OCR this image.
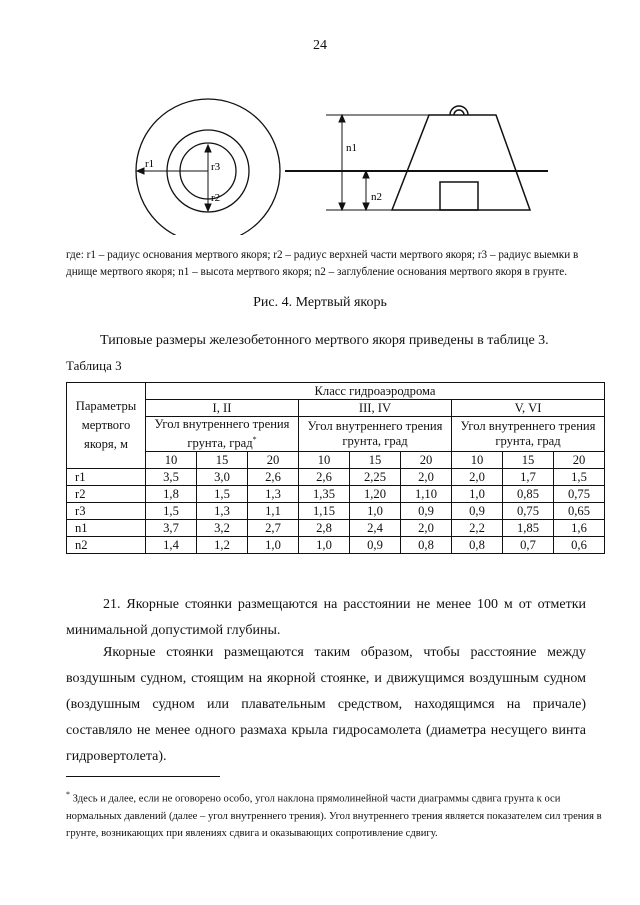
24
r1	r3
r2
n1
n2
где: r1 – радиус основания мертвого якоря; r2 – радиус верхней части мертвого якоря; r3 – радиус выемки в днище мертвого якоря; n1 – высота мертвого якоря; n2 – заглубление основания мертвого якоря в грунте.
Рис. 4. Мертвый якорь
Типовые размеры железобетонного мертвого якоря приведены в таблице 3.
Таблица 3
Параметры мертвого якоря, м	Класс гидроаэродрома								
	I, II			III, IV			V, VI		
	Угол внутреннего трения грунта, град*			Угол внутреннего трения грунта, град			Угол внутреннего трения грунта, град		
	10	15	20	10	15	20	10	15	20
r1	3,5	3,0	2,6	2,6	2,25	2,0	2,0	1,7	1,5
r2	1,8	1,5	1,3	1,35	1,20	1,10	1,0	0,85	0,75
r3	1,5	1,3	1,1	1,15	1,0	0,9	0,9	0,75	0,65
n1	3,7	3,2	2,7	2,8	2,4	2,0	2,2	1,85	1,6
n2	1,4	1,2	1,0	1,0	0,9	0,8	0,8	0,7	0,6
21. Якорные стоянки размещаются на расстоянии не менее 100 м от отметки минимальной допустимой глубины.
Якорные стоянки размещаются таким образом, чтобы расстояние между воздушным судном, стоящим на якорной стоянке, и движущимся воздушным судном (воздушным судном или плавательным средством, находящимся на причале) составляло не менее одного размаха крыла гидросамолета (диаметра несущего винта гидровертолета).
* Здесь и далее, если не оговорено особо, угол наклона прямолинейной части диаграммы сдвига грунта к оси нормальных давлений (далее – угол внутреннего трения). Угол внутреннего трения является показателем сил трения в грунте, возникающих при явлениях сдвига и оказывающих сопротивление сдвигу.
